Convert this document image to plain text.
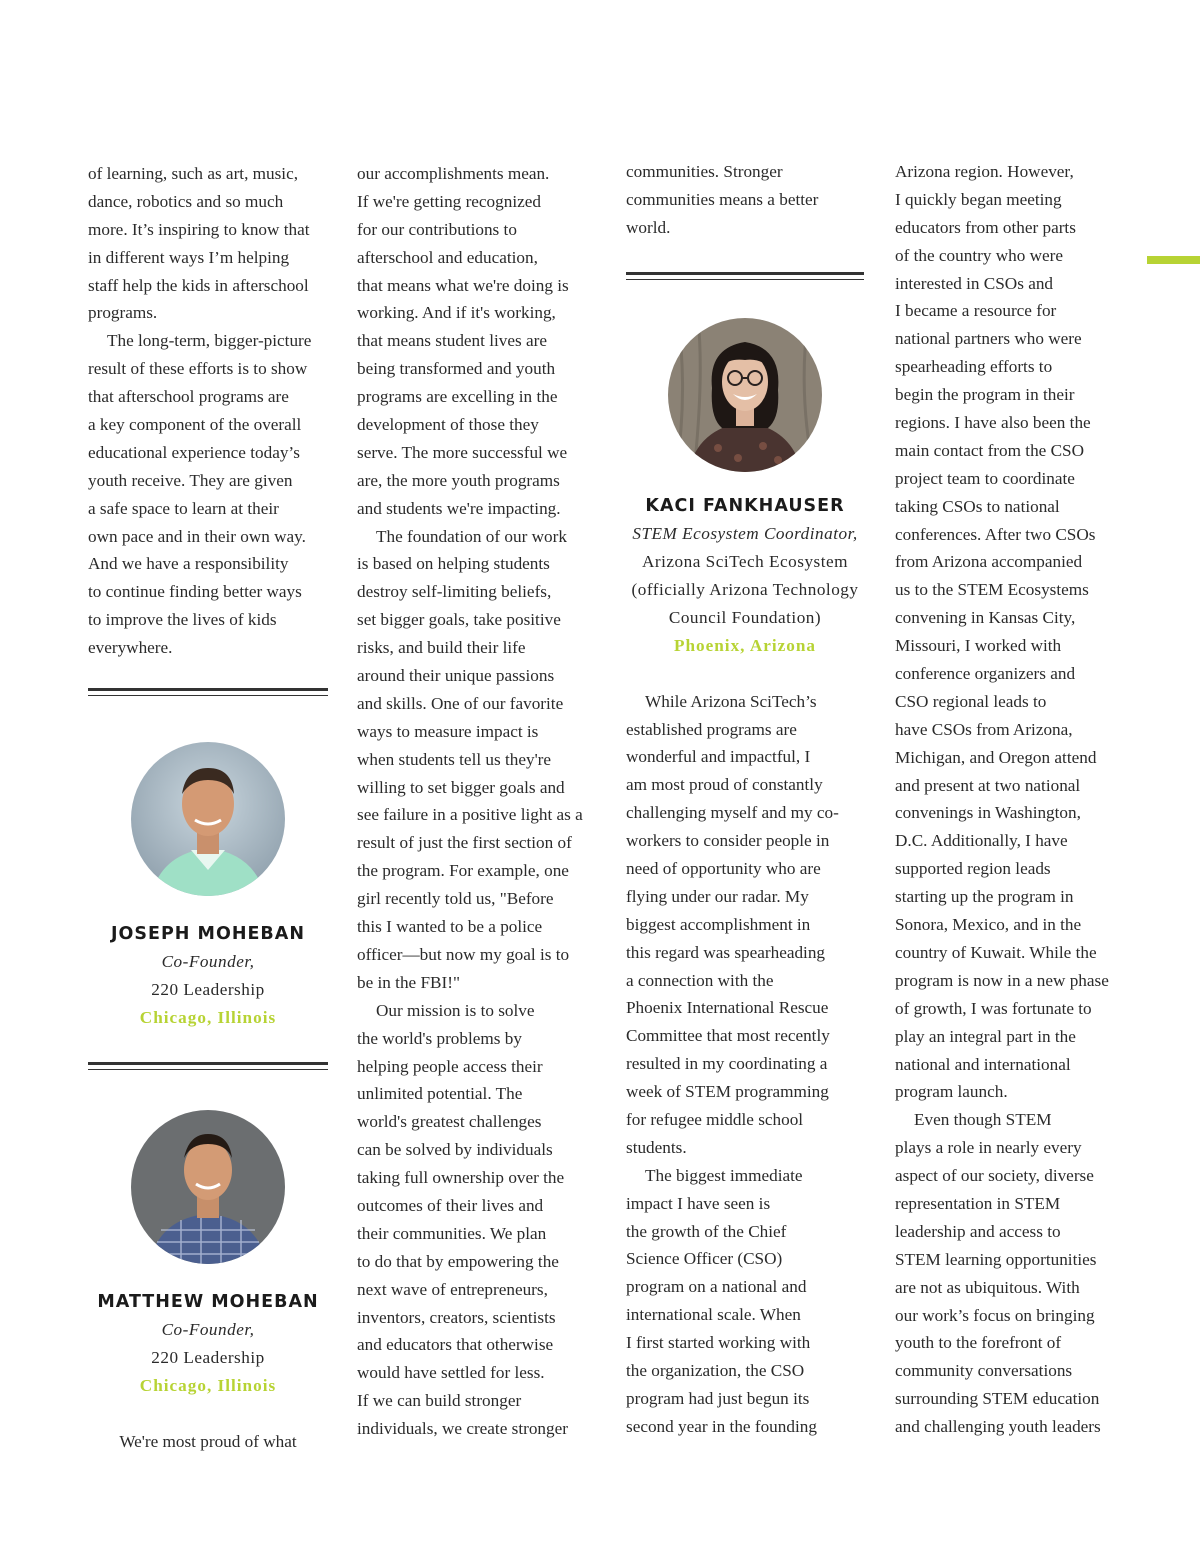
of learning, such as art, music,
dance, robotics and so much
more. It’s inspiring to know that
in different ways I’m helping
staff help the kids in afterschool
programs.
The long-term, bigger-picture
result of these efforts is to show
that afterschool programs are
a key component of the overall
educational experience today’s
youth receive. They are given
a safe space to learn at their
own pace and in their own way.
And we have a responsibility
to continue finding better ways
to improve the lives of kids
everywhere.
JOSEPH MOHEBAN
Co-Founder,
220 Leadership
Chicago, Illinois
MATTHEW MOHEBAN
Co-Founder,
220 Leadership
Chicago, Illinois
We're most proud of what
our accomplishments mean.
If we're getting recognized
for our contributions to
afterschool and education,
that means what we're doing is
working. And if it's working,
that means student lives are
being transformed and youth
programs are excelling in the
development of those they
serve. The more successful we
are, the more youth programs
and students we're impacting.
The foundation of our work
is based on helping students
destroy self-limiting beliefs,
set bigger goals, take positive
risks, and build their life
around their unique passions
and skills. One of our favorite
ways to measure impact is
when students tell us they're
willing to set bigger goals and
see failure in a positive light as a
result of just the first section of
the program. For example, one
girl recently told us, "Before
this I wanted to be a police
officer—but now my goal is to
be in the FBI!"
Our mission is to solve
the world's problems by
helping people access their
unlimited potential. The
world's greatest challenges
can be solved by individuals
taking full ownership over the
outcomes of their lives and
their communities. We plan
to do that by empowering the
next wave of entrepreneurs,
inventors, creators, scientists
and educators that otherwise
would have settled for less.
If we can build stronger
individuals, we create stronger
communities. Stronger
communities means a better
world.
KACI FANKHAUSER
STEM Ecosystem Coordinator,
Arizona SciTech Ecosystem
(officially Arizona Technology
Council Foundation)
Phoenix, Arizona
While Arizona SciTech’s
established programs are
wonderful and impactful, I
am most proud of constantly
challenging myself and my co-
workers to consider people in
need of opportunity who are
flying under our radar. My
biggest accomplishment in
this regard was spearheading
a connection with the
Phoenix International Rescue
Committee that most recently
resulted in my coordinating a
week of STEM programming
for refugee middle school
students.
The biggest immediate
impact I have seen is
the growth of the Chief
Science Officer (CSO)
program on a national and
international scale. When
I first started working with
the organization, the CSO
program had just begun its
second year in the founding
Arizona region. However,
I quickly began meeting
educators from other parts
of the country who were
interested in CSOs and
I became a resource for
national partners who were
spearheading efforts to
begin the program in their
regions. I have also been the
main contact from the CSO
project team to coordinate
taking CSOs to national
conferences. After two CSOs
from Arizona accompanied
us to the STEM Ecosystems
convening in Kansas City,
Missouri, I worked with
conference organizers and
CSO regional leads to
have CSOs from Arizona,
Michigan, and Oregon attend
and present at two national
convenings in Washington,
D.C. Additionally, I have
supported region leads
starting up the program in
Sonora, Mexico, and in the
country of Kuwait. While the
program is now in a new phase
of growth, I was fortunate to
play an integral part in the
national and international
program launch.
Even though STEM
plays a role in nearly every
aspect of our society, diverse
representation in STEM
leadership and access to
STEM learning opportunities
are not as ubiquitous. With
our work’s focus on bringing
youth to the forefront of
community conversations
surrounding STEM education
and challenging youth leaders
